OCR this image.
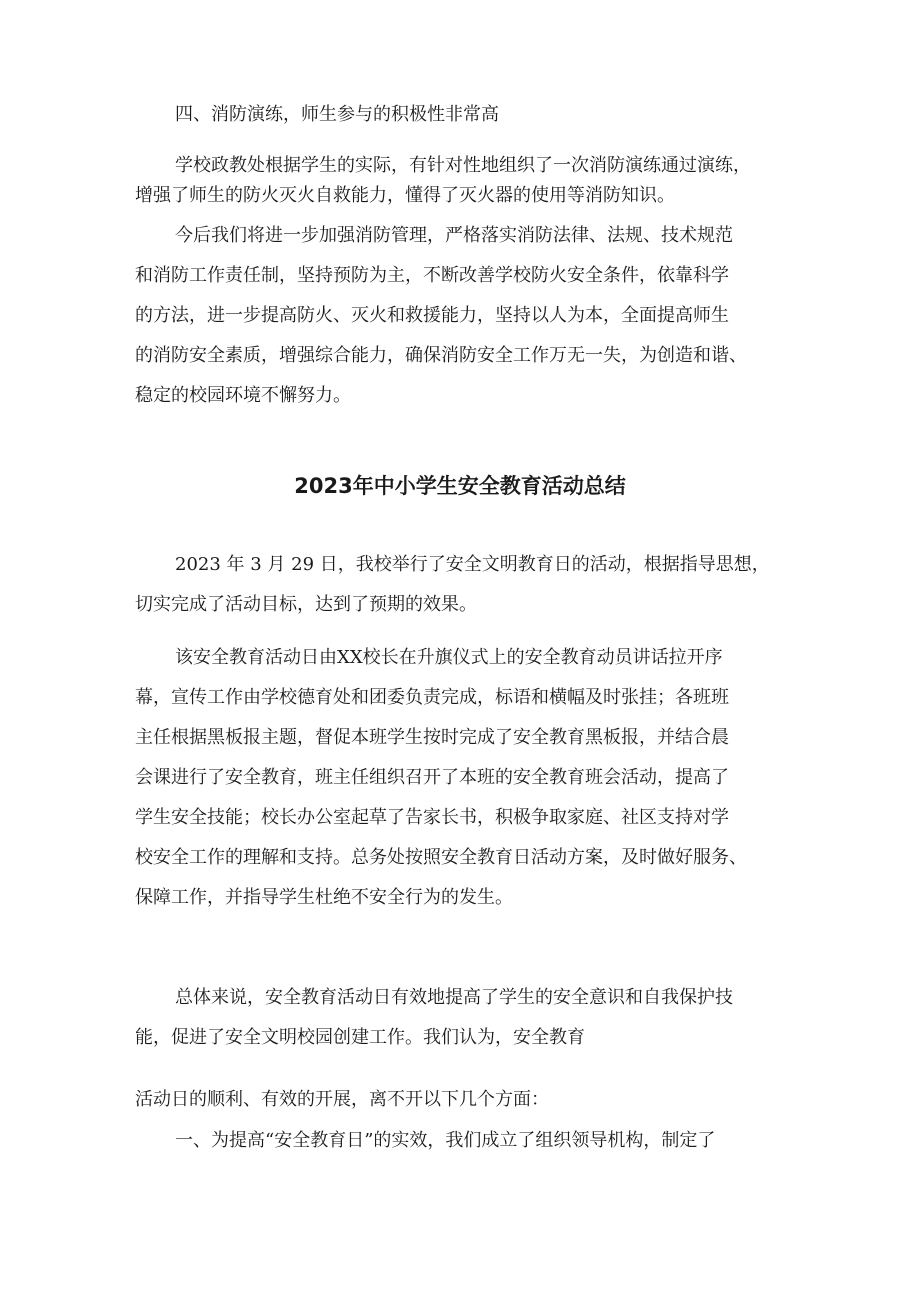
四、消防演练，师生参与的积极性非常高

学校政教处根据学生的实际，有针对性地组织了一次消防演练通过演练，
增强了师生的防火灭火自救能力，懂得了灭火器的使用等消防知识。

今后我们将进一步加强消防管理，严格落实消防法律、法规、技术规范
和消防工作责任制，坚持预防为主，不断改善学校防火安全条件，依靠科学
的方法，进一步提高防火、灭火和救援能力，坚持以人为本，全面提高师生
的消防安全素质，增强综合能力，确保消防安全工作万无一失，为创造和谐、
稳定的校园环境不懈努力。

2023年中小学生安全教育活动总结

2023 年 3 月 29 日，我校举行了安全文明教育日的活动，根据指导思想，
切实完成了活动目标，达到了预期的效果。

该安全教育活动日由XX校长在升旗仪式上的安全教育动员讲话拉开序
幕，宣传工作由学校德育处和团委负责完成，标语和横幅及时张挂；各班班
主任根据黑板报主题，督促本班学生按时完成了安全教育黑板报，并结合晨
会课进行了安全教育，班主任组织召开了本班的安全教育班会活动，提高了
学生安全技能；校长办公室起草了告家长书，积极争取家庭、社区支持对学
校安全工作的理解和支持。总务处按照安全教育日活动方案，及时做好服务、
保障工作，并指导学生杜绝不安全行为的发生。

总体来说，安全教育活动日有效地提高了学生的安全意识和自我保护技
能，促进了安全文明校园创建工作。我们认为，安全教育

活动日的顺利、有效的开展，离不开以下几个方面：

一、为提高“安全教育日”的实效，我们成立了组织领导机构，制定了
